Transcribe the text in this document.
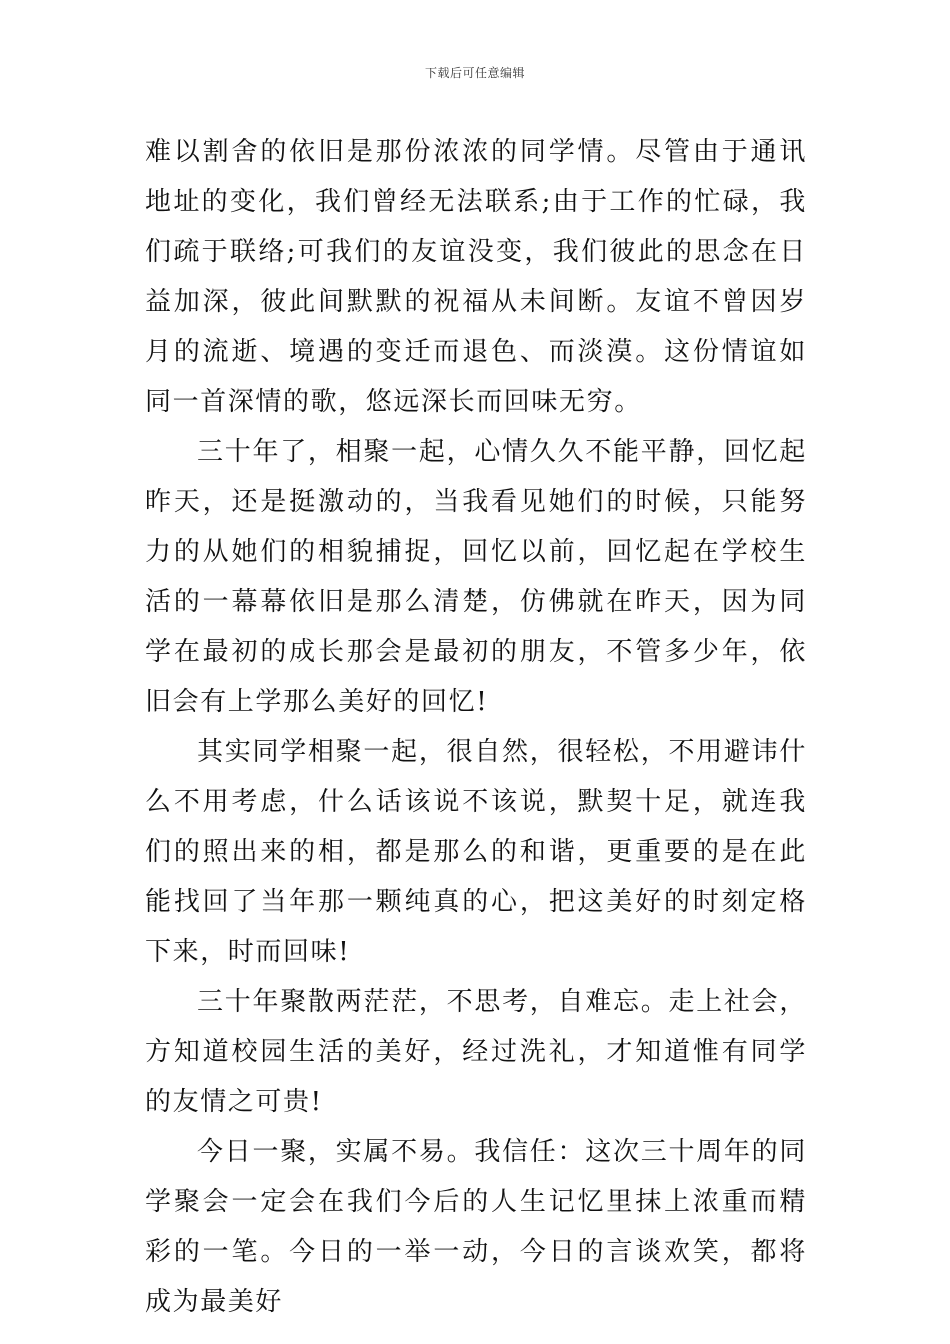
下载后可任意编辑

难以割舍的依旧是那份浓浓的同学情。尽管由于通讯地址的变化，我们曾经无法联系;由于工作的忙碌，我们疏于联络;可我们的友谊没变，我们彼此的思念在日益加深，彼此间默默的祝福从未间断。友谊不曾因岁月的流逝、境遇的变迁而退色、而淡漠。这份情谊如同一首深情的歌，悠远深长而回味无穷。

三十年了，相聚一起，心情久久不能平静，回忆起昨天，还是挺激动的，当我看见她们的时候，只能努力的从她们的相貌捕捉，回忆以前，回忆起在学校生活的一幕幕依旧是那么清楚，仿佛就在昨天，因为同学在最初的成长那会是最初的朋友，不管多少年，依旧会有上学那么美好的回忆!

其实同学相聚一起，很自然，很轻松，不用避讳什么不用考虑，什么话该说不该说，默契十足，就连我们的照出来的相，都是那么的和谐，更重要的是在此能找回了当年那一颗纯真的心，把这美好的时刻定格下来，时而回味!

三十年聚散两茫茫，不思考，自难忘。走上社会，方知道校园生活的美好，经过洗礼，才知道惟有同学的友情之可贵!

今日一聚，实属不易。我信任：这次三十周年的同学聚会一定会在我们今后的人生记忆里抹上浓重而精彩的一笔。今日的一举一动，今日的言谈欢笑，都将成为最美好
